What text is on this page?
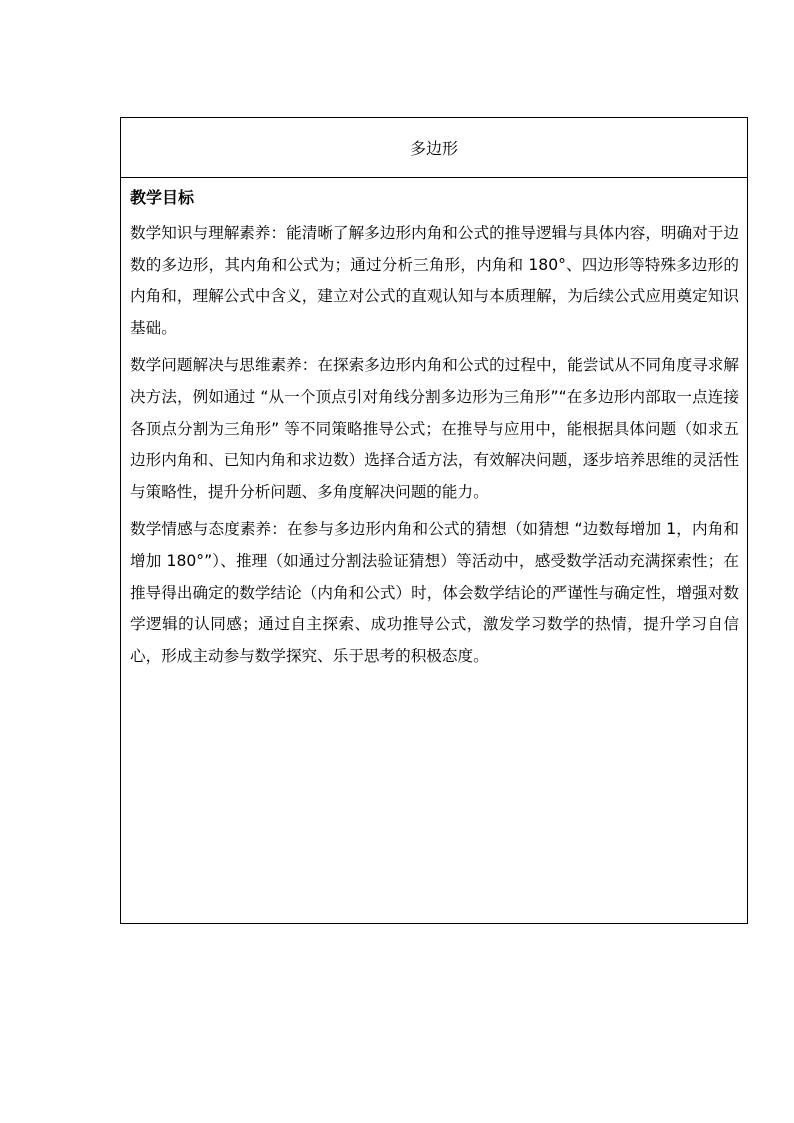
多边形
教学目标

数学知识与理解素养：能清晰了解多边形内角和公式的推导逻辑与具体内容，明确对于边数的多边形，其内角和公式为；通过分析三角形，内角和 180°、四边形等特殊多边形的内角和，理解公式中含义，建立对公式的直观认知与本质理解，为后续公式应用奠定知识基础。

数学问题解决与思维素养：在探索多边形内角和公式的过程中，能尝试从不同角度寻求解决方法，例如通过 “从一个顶点引对角线分割多边形为三角形”“在多边形内部取一点连接各顶点分割为三角形” 等不同策略推导公式；在推导与应用中，能根据具体问题（如求五边形内角和、已知内角和求边数）选择合适方法，有效解决问题，逐步培养思维的灵活性与策略性，提升分析问题、多角度解决问题的能力。

数学情感与态度素养：在参与多边形内角和公式的猜想（如猜想 “边数每增加 1，内角和增加 180°”）、推理（如通过分割法验证猜想）等活动中，感受数学活动充满探索性；在推导得出确定的数学结论（内角和公式）时，体会数学结论的严谨性与确定性，增强对数学逻辑的认同感；通过自主探索、成功推导公式，激发学习数学的热情，提升学习自信心，形成主动参与数学探究、乐于思考的积极态度。
